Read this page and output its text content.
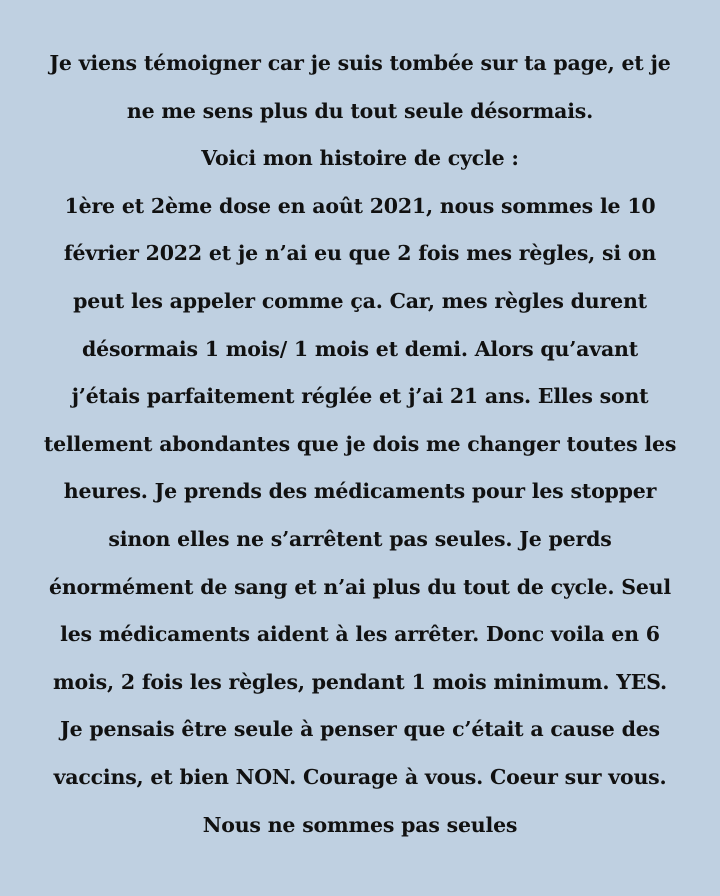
Je viens témoigner car je suis tombée sur ta page, et je
ne me sens plus du tout seule désormais.
Voici mon histoire de cycle :
1ère et 2ème dose en août 2021, nous sommes le 10
février 2022 et je n’ai eu que 2 fois mes règles, si on
peut les appeler comme ça. Car, mes règles durent
désormais 1 mois/ 1 mois et demi. Alors qu’avant
j’étais parfaitement réglée et j’ai 21 ans. Elles sont
tellement abondantes que je dois me changer toutes les
heures. Je prends des médicaments pour les stopper
sinon elles ne s’arrêtent pas seules. Je perds
énormément de sang et n’ai plus du tout de cycle. Seul
les médicaments aident à les arrêter. Donc voila en 6
mois, 2 fois les règles, pendant 1 mois minimum. YES.
Je pensais être seule à penser que c’était a cause des
vaccins, et bien NON. Courage à vous. Coeur sur vous.
Nous ne sommes pas seules
